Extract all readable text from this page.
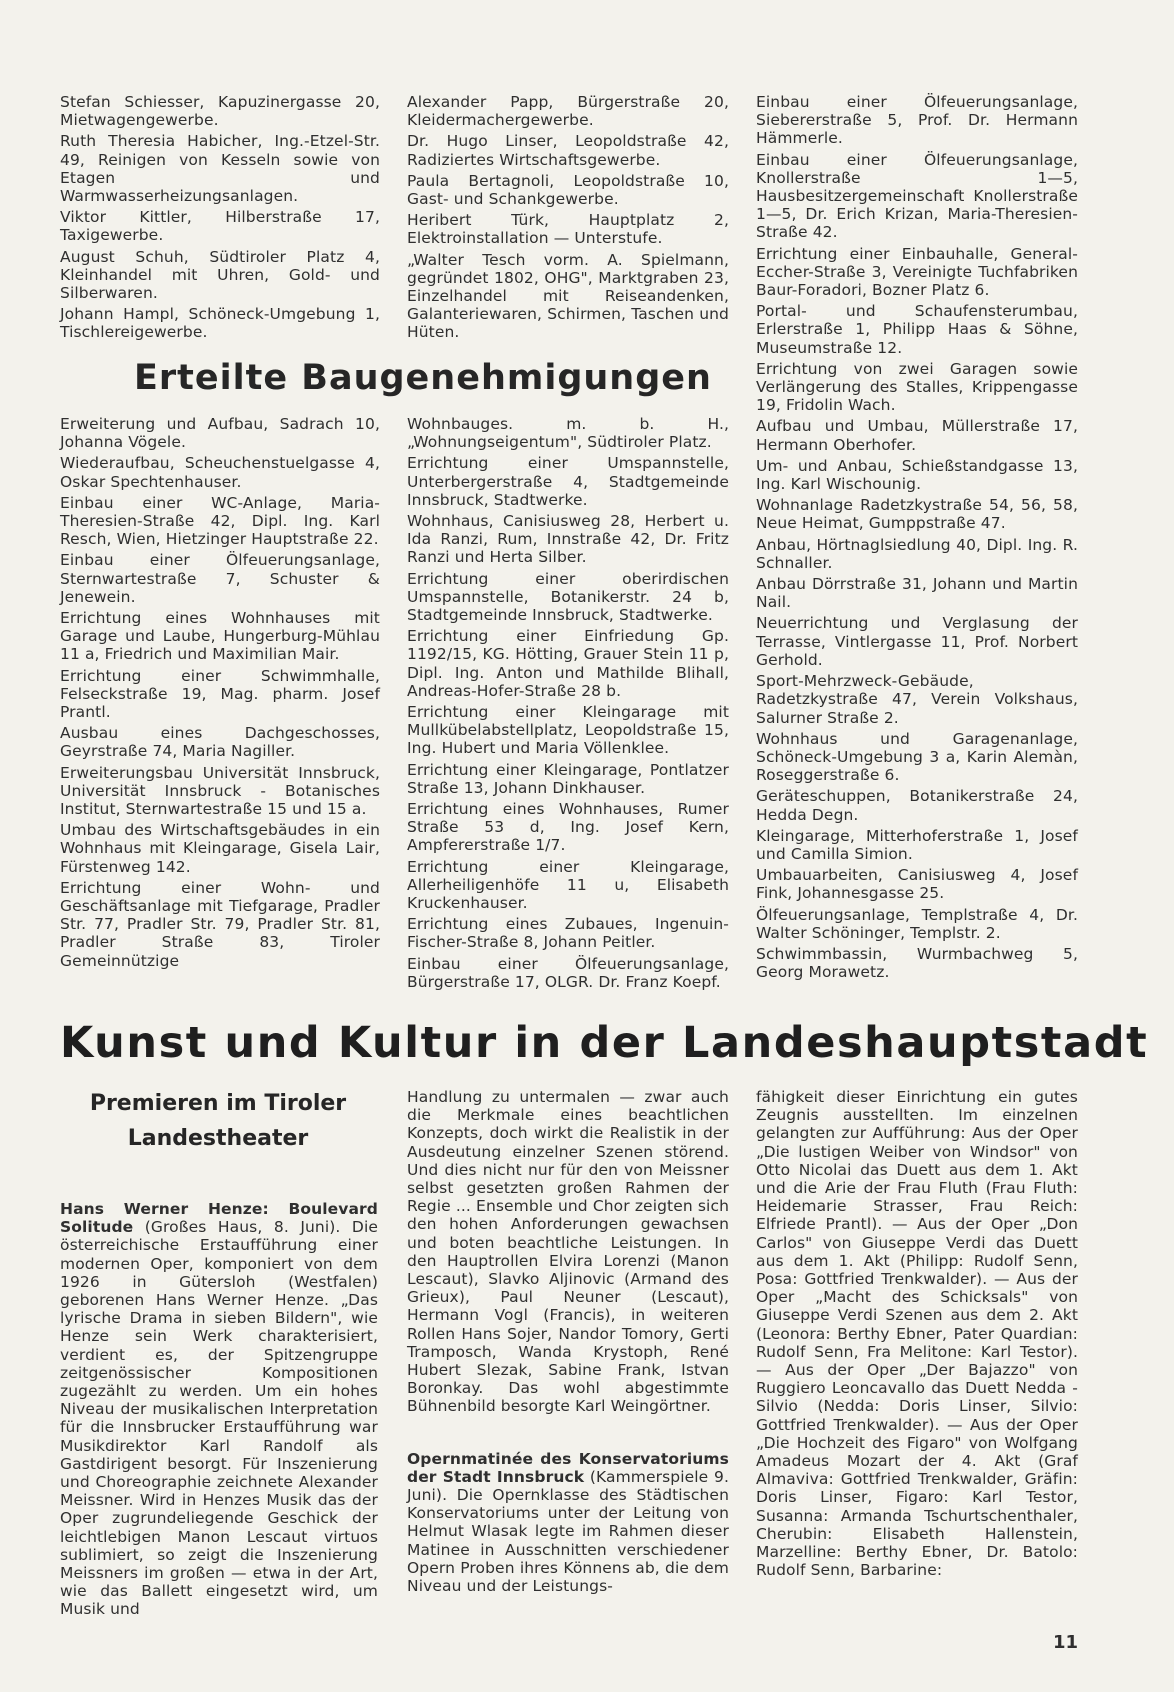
Stefan Schiesser, Kapuzinergasse 20, Mietwagengewerbe.

Ruth Theresia Habicher, Ing.-Etzel-Str. 49, Reinigen von Kesseln sowie von Etagen und Warmwasserheizungsanlagen.

Viktor Kittler, Hilberstraße 17, Taxigewerbe.

August Schuh, Südtiroler Platz 4, Kleinhandel mit Uhren, Gold- und Silberwaren.

Johann Hampl, Schöneck-Umgebung 1, Tischlereigewerbe.

Alexander Papp, Bürgerstraße 20, Kleidermachergewerbe.

Dr. Hugo Linser, Leopoldstraße 42, Radiziertes Wirtschaftsgewerbe.

Paula Bertagnoli, Leopoldstraße 10, Gast- und Schankgewerbe.

Heribert Türk, Hauptplatz 2, Elektroinstallation — Unterstufe.

„Walter Tesch vorm. A. Spielmann, gegründet 1802, OHG", Marktgraben 23, Einzelhandel mit Reiseandenken, Galanteriewaren, Schirmen, Taschen und Hüten.

Erteilte Baugenehmigungen

Erweiterung und Aufbau, Sadrach 10, Johanna Vögele.

Wiederaufbau, Scheuchenstuelgasse 4, Oskar Spechtenhauser.

Einbau einer WC-Anlage, Maria-Theresien-Straße 42, Dipl. Ing. Karl Resch, Wien, Hietzinger Hauptstraße 22.

Einbau einer Ölfeuerungsanlage, Sternwartestraße 7, Schuster & Jenewein.

Errichtung eines Wohnhauses mit Garage und Laube, Hungerburg-Mühlau 11 a, Friedrich und Maximilian Mair.

Errichtung einer Schwimmhalle, Felseckstraße 19, Mag. pharm. Josef Prantl.

Ausbau eines Dachgeschosses, Geyrstraße 74, Maria Nagiller.

Erweiterungsbau Universität Innsbruck, Universität Innsbruck - Botanisches Institut, Sternwartestraße 15 und 15 a.

Umbau des Wirtschaftsgebäudes in ein Wohnhaus mit Kleingarage, Gisela Lair, Fürstenweg 142.

Errichtung einer Wohn- und Geschäftsanlage mit Tiefgarage, Pradler Str. 77, Pradler Str. 79, Pradler Str. 81, Pradler Straße 83, Tiroler Gemeinnützige

Wohnbauges. m. b. H., „Wohnungseigentum", Südtiroler Platz.

Errichtung einer Umspannstelle, Unterbergerstraße 4, Stadtgemeinde Innsbruck, Stadtwerke.

Wohnhaus, Canisiusweg 28, Herbert u. Ida Ranzi, Rum, Innstraße 42, Dr. Fritz Ranzi und Herta Silber.

Errichtung einer oberirdischen Umspannstelle, Botanikerstr. 24 b, Stadtgemeinde Innsbruck, Stadtwerke.

Errichtung einer Einfriedung Gp. 1192/15, KG. Hötting, Grauer Stein 11 p, Dipl. Ing. Anton und Mathilde Blihall, Andreas-Hofer-Straße 28 b.

Errichtung einer Kleingarage mit Mullkübelabstellplatz, Leopoldstraße 15, Ing. Hubert und Maria Völlenklee.

Errichtung einer Kleingarage, Pontlatzer Straße 13, Johann Dinkhauser.

Errichtung eines Wohnhauses, Rumer Straße 53 d, Ing. Josef Kern, Ampfererstraße 1/7.

Errichtung einer Kleingarage, Allerheiligenhöfe 11 u, Elisabeth Kruckenhauser.

Errichtung eines Zubaues, Ingenuin-Fischer-Straße 8, Johann Peitler.

Einbau einer Ölfeuerungsanlage, Bürgerstraße 17, OLGR. Dr. Franz Koepf.

Einbau einer Ölfeuerungsanlage, Siebererstraße 5, Prof. Dr. Hermann Hämmerle.

Einbau einer Ölfeuerungsanlage, Knollerstraße 1—5, Hausbesitzergemeinschaft Knollerstraße 1—5, Dr. Erich Krizan, Maria-Theresien-Straße 42.

Errichtung einer Einbauhalle, General-Eccher-Straße 3, Vereinigte Tuchfabriken Baur-Foradori, Bozner Platz 6.

Portal- und Schaufensterumbau, Erlerstraße 1, Philipp Haas & Söhne, Museumstraße 12.

Errichtung von zwei Garagen sowie Verlängerung des Stalles, Krippengasse 19, Fridolin Wach.

Aufbau und Umbau, Müllerstraße 17, Hermann Oberhofer.

Um- und Anbau, Schießstandgasse 13, Ing. Karl Wischounig.

Wohnanlage Radetzkystraße 54, 56, 58, Neue Heimat, Gumppstraße 47.

Anbau, Hörtnaglsiedlung 40, Dipl. Ing. R. Schnaller.

Anbau Dörrstraße 31, Johann und Martin Nail.

Neuerrichtung und Verglasung der Terrasse, Vintlergasse 11, Prof. Norbert Gerhold.

Sport-Mehrzweck-Gebäude, Radetzkystraße 47, Verein Volkshaus, Salurner Straße 2.

Wohnhaus und Garagenanlage, Schöneck-Umgebung 3 a, Karin Alemàn, Roseggerstraße 6.

Geräteschuppen, Botanikerstraße 24, Hedda Degn.

Kleingarage, Mitterhoferstraße 1, Josef und Camilla Simion.

Umbauarbeiten, Canisiusweg 4, Josef Fink, Johannesgasse 25.

Ölfeuerungsanlage, Templstraße 4, Dr. Walter Schöninger, Templstr. 2.

Schwimmbassin, Wurmbachweg 5, Georg Morawetz.

Kunst und Kultur in der Landeshauptstadt
Premieren im Tiroler Landestheater

Hans Werner Henze: Boulevard Solitude (Großes Haus, 8. Juni). Die österreichische Erstaufführung einer modernen Oper, komponiert von dem 1926 in Gütersloh (Westfalen) geborenen Hans Werner Henze. „Das lyrische Drama in sieben Bildern", wie Henze sein Werk charakterisiert, verdient es, der Spitzengruppe zeitgenössischer Kompositionen zugezählt zu werden. Um ein hohes Niveau der musikalischen Interpretation für die Innsbrucker Erstaufführung war Musikdirektor Karl Randolf als Gastdirigent besorgt. Für Inszenierung und Choreographie zeichnete Alexander Meissner. Wird in Henzes Musik das der Oper zugrundeliegende Geschick der leichtlebigen Manon Lescaut virtuos sublimiert, so zeigt die Inszenierung Meissners im großen — etwa in der Art, wie das Ballett eingesetzt wird, um Musik und

Handlung zu untermalen — zwar auch die Merkmale eines beachtlichen Konzepts, doch wirkt die Realistik in der Ausdeutung einzelner Szenen störend. Und dies nicht nur für den von Meissner selbst gesetzten großen Rahmen der Regie ... Ensemble und Chor zeigten sich den hohen Anforderungen gewachsen und boten beachtliche Leistungen. In den Hauptrollen Elvira Lorenzi (Manon Lescaut), Slavko Aljinovic (Armand des Grieux), Paul Neuner (Lescaut), Hermann Vogl (Francis), in weiteren Rollen Hans Sojer, Nandor Tomory, Gerti Tramposch, Wanda Krystoph, René Hubert Slezak, Sabine Frank, Istvan Boronkay. Das wohl abgestimmte Bühnenbild besorgte Karl Weingörtner.

Opernmatinée des Konservatoriums der Stadt Innsbruck (Kammerspiele 9. Juni). Die Opernklasse des Städtischen Konservatoriums unter der Leitung von Helmut Wlasak legte im Rahmen dieser Matinee in Ausschnitten verschiedener Opern Proben ihres Könnens ab, die dem Niveau und der Leistungs-

fähigkeit dieser Einrichtung ein gutes Zeugnis ausstellten. Im einzelnen gelangten zur Aufführung: Aus der Oper „Die lustigen Weiber von Windsor" von Otto Nicolai das Duett aus dem 1. Akt und die Arie der Frau Fluth (Frau Fluth: Heidemarie Strasser, Frau Reich: Elfriede Prantl). — Aus der Oper „Don Carlos" von Giuseppe Verdi das Duett aus dem 1. Akt (Philipp: Rudolf Senn, Posa: Gottfried Trenkwalder). — Aus der Oper „Macht des Schicksals" von Giuseppe Verdi Szenen aus dem 2. Akt (Leonora: Berthy Ebner, Pater Quardian: Rudolf Senn, Fra Melitone: Karl Testor). — Aus der Oper „Der Bajazzo" von Ruggiero Leoncavallo das Duett Nedda - Silvio (Nedda: Doris Linser, Silvio: Gottfried Trenkwalder). — Aus der Oper „Die Hochzeit des Figaro" von Wolfgang Amadeus Mozart der 4. Akt (Graf Almaviva: Gottfried Trenkwalder, Gräfin: Doris Linser, Figaro: Karl Testor, Susanna: Armanda Tschurtschenthaler, Cherubin: Elisabeth Hallenstein, Marzelline: Berthy Ebner, Dr. Batolo: Rudolf Senn, Barbarine:

11
